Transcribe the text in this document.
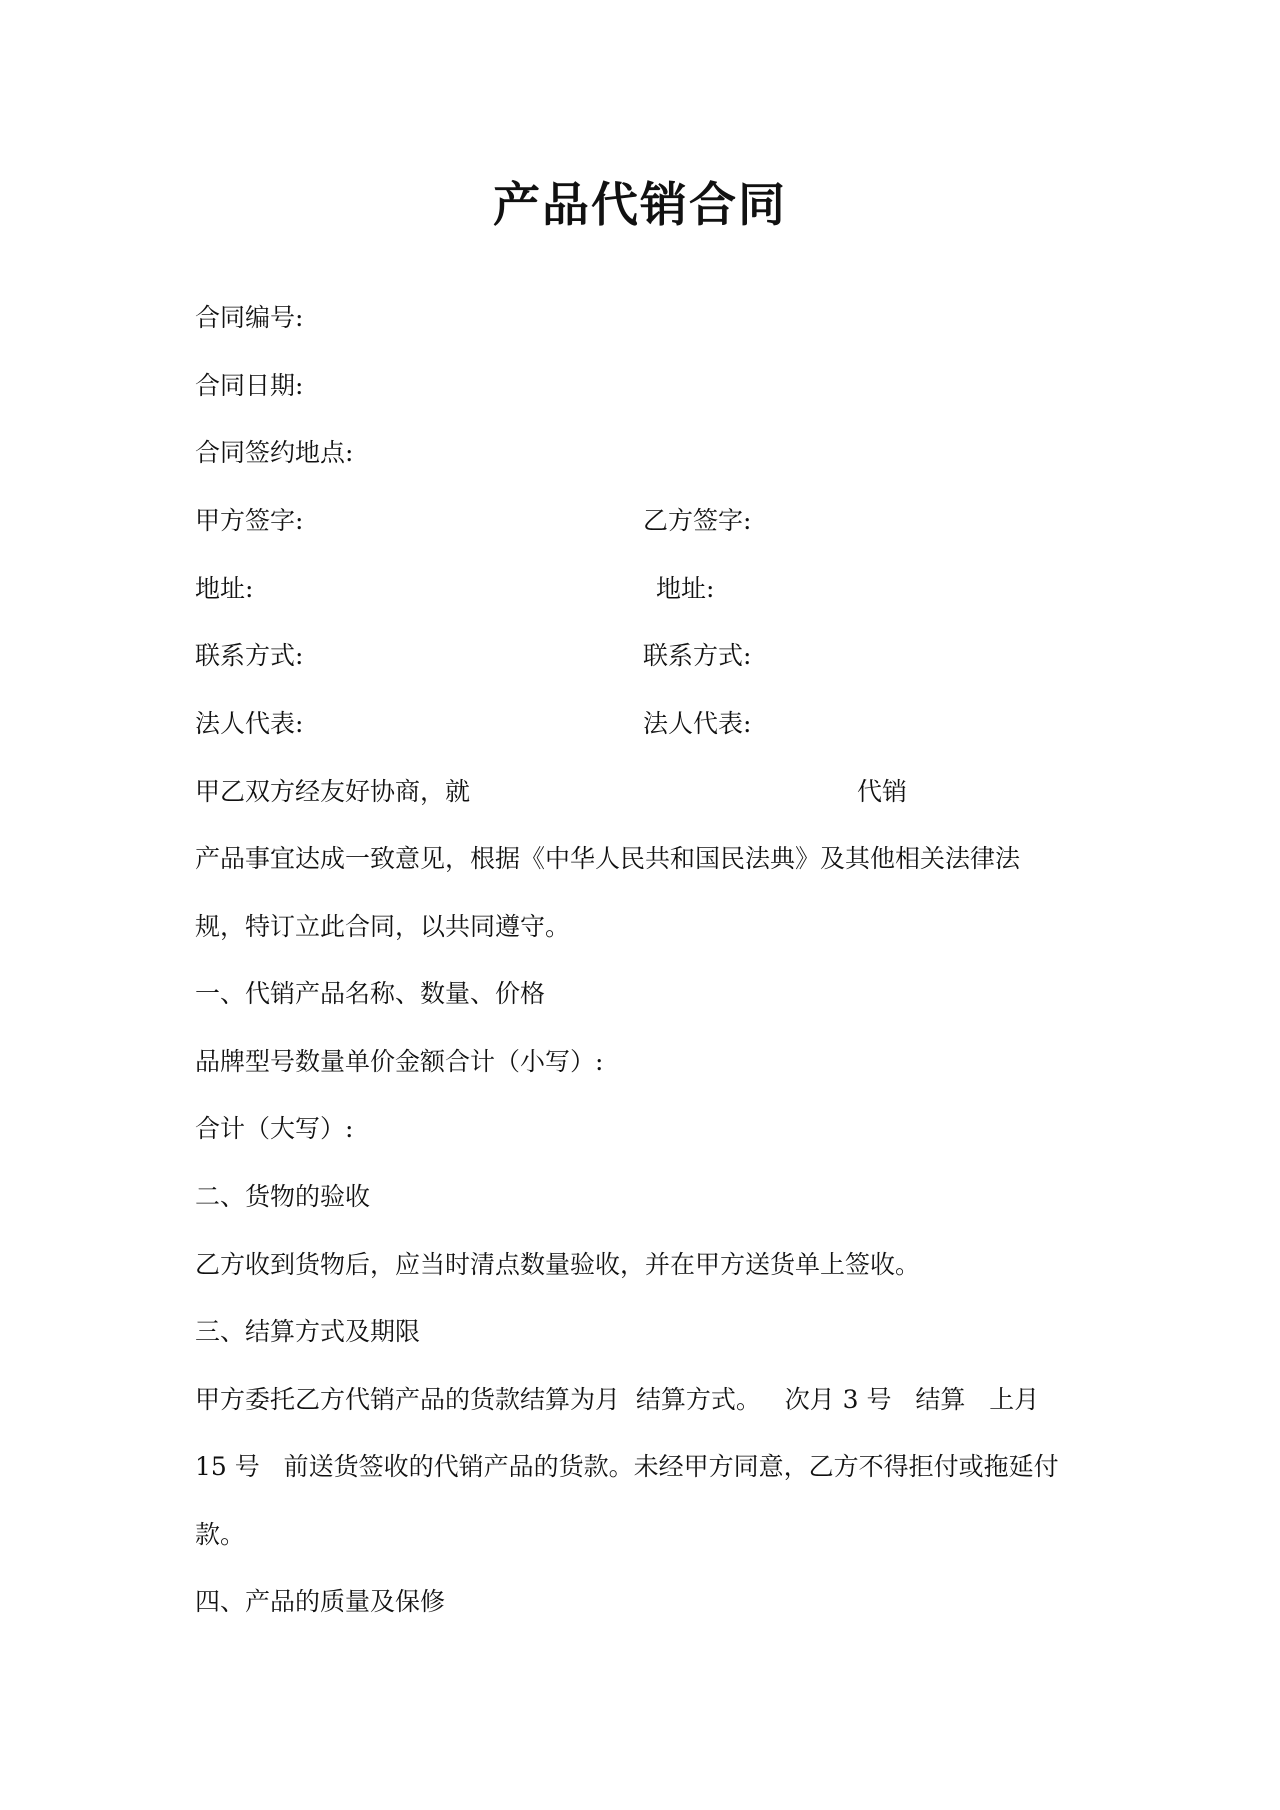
产品代销合同
合同编号:
合同日期:
合同签约地点:
甲方签字:	乙方签字:
地址:	地址:
联系方式:	联系方式:
法人代表:	法人代表:
甲乙双方经友好协商，就	代销
产品事宜达成一致意见，根据《中华人民共和国民法典》及其他相关法律法
规，特订立此合同，以共同遵守。
一、代销产品名称、数量、价格
品牌型号数量单价金额合计（小写）:
合计（大写）:
二、货物的验收
乙方收到货物后，应当时清点数量验收，并在甲方送货单上签收。
三、结算方式及期限
甲方委托乙方代销产品的货款结算为月  结算方式。   次月 3 号   结算   上月
15 号   前送货签收的代销产品的货款。未经甲方同意，乙方不得拒付或拖延付
款。
四、产品的质量及保修
